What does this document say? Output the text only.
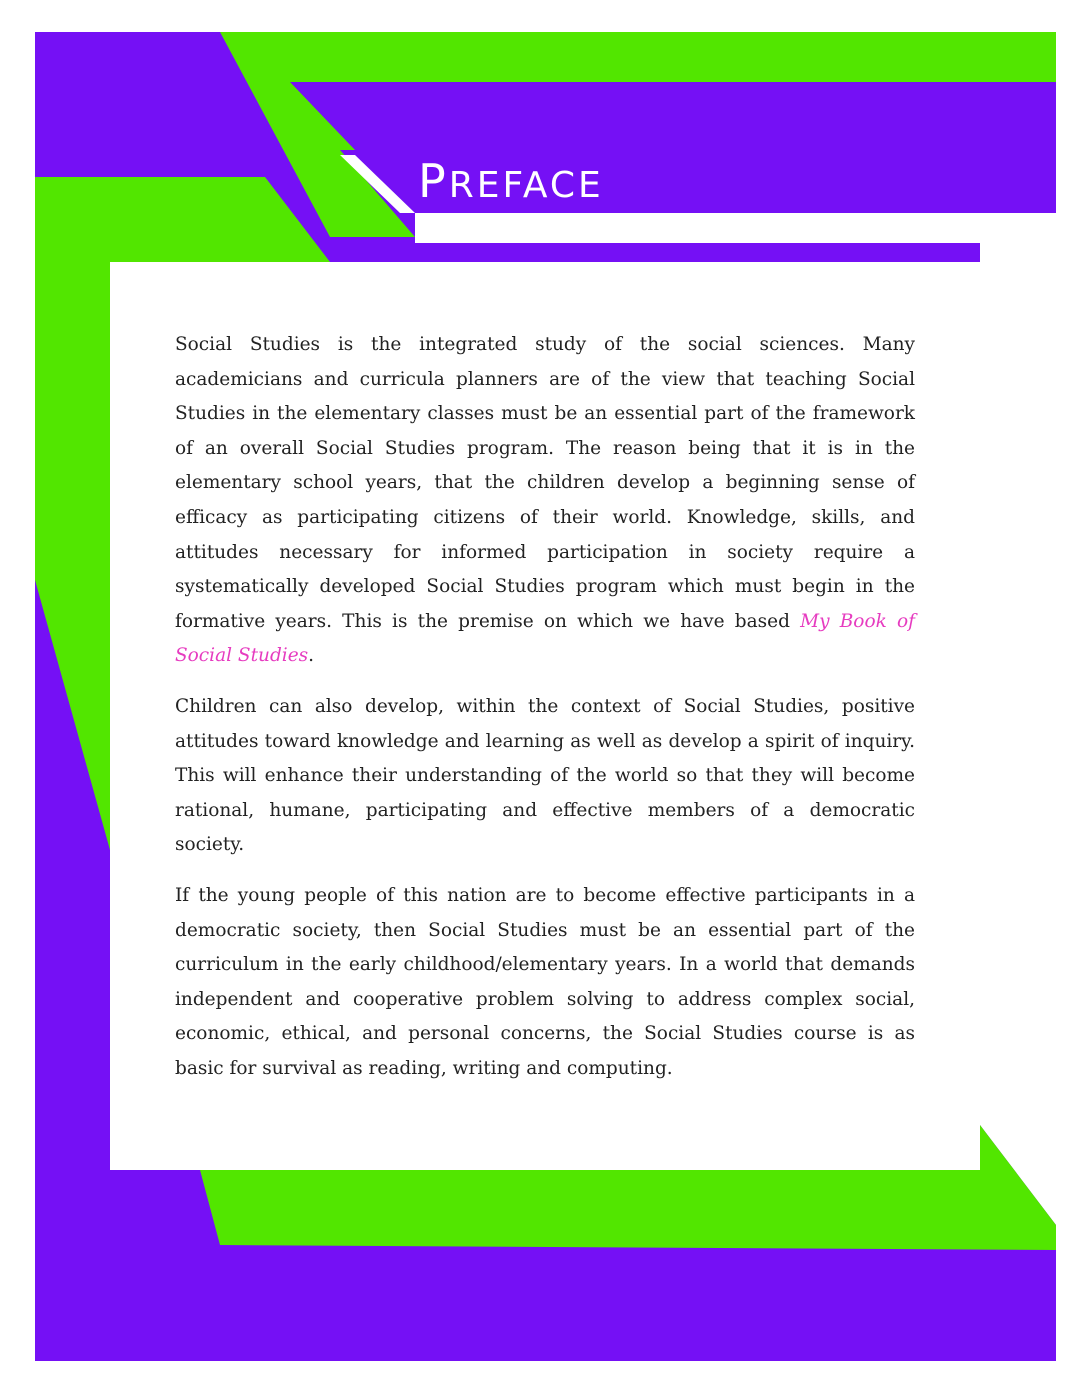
PREFACE

Social Studies is the integrated study of the social sciences. Many academicians and curricula planners are of the view that teaching Social Studies in the elementary classes must be an essential part of the framework of an overall Social Studies program. The reason being that it is in the elementary school years, that the children develop a beginning sense of efficacy as participating citizens of their world. Knowledge, skills, and attitudes necessary for informed participation in society require a systematically developed Social Studies program which must begin in the formative years. This is the premise on which we have based My Book of Social Studies.

Children can also develop, within the context of Social Studies, positive attitudes toward knowledge and learning as well as develop a spirit of inquiry. This will enhance their understanding of the world so that they will become rational, humane, participating and effective members of a democratic society.

If the young people of this nation are to become effective participants in a democratic society, then Social Studies must be an essential part of the curriculum in the early childhood/elementary years. In a world that demands independent and cooperative problem solving to address complex social, economic, ethical, and personal concerns, the Social Studies course is as basic for survival as reading, writing and computing.
